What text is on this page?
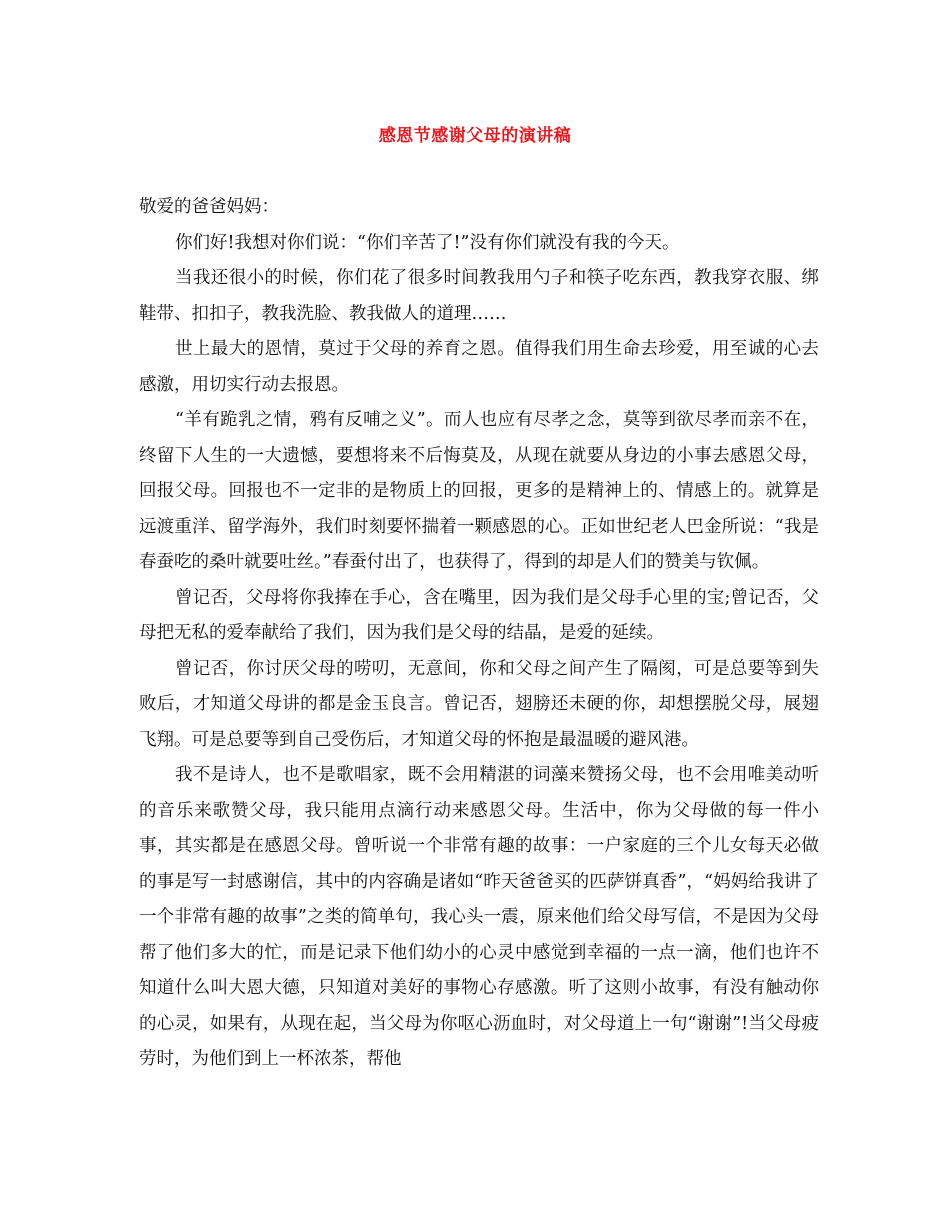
感恩节感谢父母的演讲稿

敬爱的爸爸妈妈：

你们好!我想对你们说：“你们辛苦了!”没有你们就没有我的今天。

当我还很小的时候，你们花了很多时间教我用勺子和筷子吃东西，教我穿衣服、绑鞋带、扣扣子，教我洗脸、教我做人的道理……

世上最大的恩情，莫过于父母的养育之恩。值得我们用生命去珍爱，用至诚的心去感激，用切实行动去报恩。

“羊有跪乳之情，鸦有反哺之义”。而人也应有尽孝之念，莫等到欲尽孝而亲不在，终留下人生的一大遗憾，要想将来不后悔莫及，从现在就要从身边的小事去感恩父母，回报父母。回报也不一定非的是物质上的回报，更多的是精神上的、情感上的。就算是远渡重洋、留学海外，我们时刻要怀揣着一颗感恩的心。正如世纪老人巴金所说：“我是春蚕吃的桑叶就要吐丝。”春蚕付出了，也获得了，得到的却是人们的赞美与钦佩。

曾记否，父母将你我捧在手心，含在嘴里，因为我们是父母手心里的宝;曾记否，父母把无私的爱奉献给了我们，因为我们是父母的结晶，是爱的延续。

曾记否，你讨厌父母的唠叨，无意间，你和父母之间产生了隔阂，可是总要等到失败后，才知道父母讲的都是金玉良言。曾记否，翅膀还未硬的你，却想摆脱父母，展翅飞翔。可是总要等到自己受伤后，才知道父母的怀抱是最温暖的避风港。

我不是诗人，也不是歌唱家，既不会用精湛的词藻来赞扬父母，也不会用唯美动听的音乐来歌赞父母，我只能用点滴行动来感恩父母。生活中，你为父母做的每一件小事，其实都是在感恩父母。曾听说一个非常有趣的故事：一户家庭的三个儿女每天必做的事是写一封感谢信，其中的内容确是诸如“昨天爸爸买的匹萨饼真香”，“妈妈给我讲了一个非常有趣的故事”之类的简单句，我心头一震，原来他们给父母写信，不是因为父母帮了他们多大的忙，而是记录下他们幼小的心灵中感觉到幸福的一点一滴，他们也许不知道什么叫大恩大德，只知道对美好的事物心存感激。听了这则小故事，有没有触动你的心灵，如果有，从现在起，当父母为你呕心沥血时，对父母道上一句“谢谢”!当父母疲劳时，为他们到上一杯浓茶，帮他
